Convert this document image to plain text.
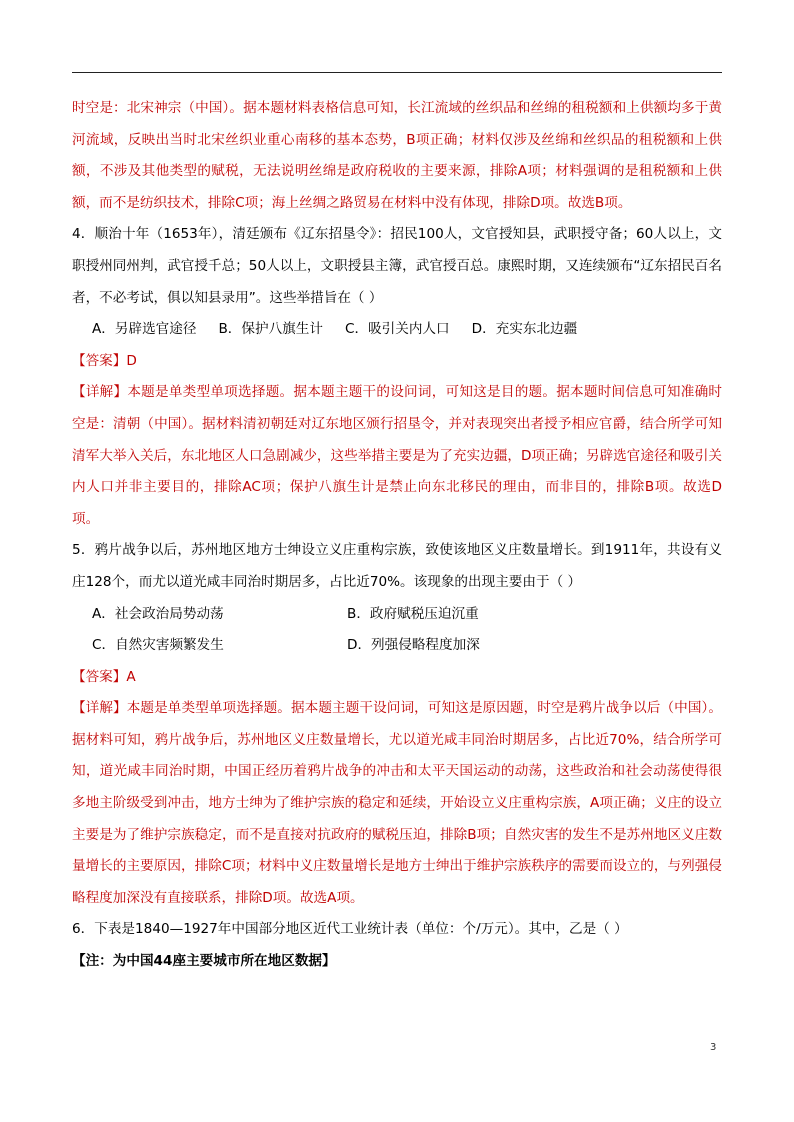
时空是：北宋神宗（中国）。据本题材料表格信息可知，长江流域的丝织品和丝绵的租税额和上供额均多于黄河流域，反映出当时北宋丝织业重心南移的基本态势，B项正确；材料仅涉及丝绵和丝织品的租税额和上供额，不涉及其他类型的赋税，无法说明丝绵是政府税收的主要来源，排除A项；材料强调的是租税额和上供额，而不是纺织技术，排除C项；海上丝绸之路贸易在材料中没有体现，排除D项。故选B项。

4．顺治十年（1653年），清廷颁布《辽东招垦令》：招民100人，文官授知县，武职授守备；60人以上，文职授州同州判，武官授千总；50人以上，文职授县主簿，武官授百总。康熙时期，又连续颁布“辽东招民百名者，不必考试，俱以知县录用”。这些举措旨在（ ）

A．另辟选官途径 B．保护八旗生计 C．吸引关内人口 D．充实东北边疆

【答案】D

【详解】本题是单类型单项选择题。据本题主题干的设问词，可知这是目的题。据本题时间信息可知准确时空是：清朝（中国）。据材料清初朝廷对辽东地区颁行招垦令，并对表现突出者授予相应官爵，结合所学可知清军大举入关后，东北地区人口急剧减少，这些举措主要是为了充实边疆，D项正确；另辟选官途径和吸引关内人口并非主要目的，排除AC项；保护八旗生计是禁止向东北移民的理由，而非目的，排除B项。故选D项。

5．鸦片战争以后，苏州地区地方士绅设立义庄重构宗族，致使该地区义庄数量增长。到1911年，共设有义庄128个，而尤以道光咸丰同治时期居多，占比近70%。该现象的出现主要由于（ ）

A．社会政治局势动荡	B．政府赋税压迫沉重
C．自然灾害频繁发生	D．列强侵略程度加深

【答案】A

【详解】本题是单类型单项选择题。据本题主题干设问词，可知这是原因题，时空是鸦片战争以后（中国）。据材料可知，鸦片战争后，苏州地区义庄数量增长，尤以道光咸丰同治时期居多，占比近70%，结合所学可知，道光咸丰同治时期，中国正经历着鸦片战争的冲击和太平天国运动的动荡，这些政治和社会动荡使得很多地主阶级受到冲击，地方士绅为了维护宗族的稳定和延续，开始设立义庄重构宗族，A项正确；义庄的设立主要是为了维护宗族稳定，而不是直接对抗政府的赋税压迫，排除B项；自然灾害的发生不是苏州地区义庄数量增长的主要原因，排除C项；材料中义庄数量增长是地方士绅出于维护宗族秩序的需要而设立的，与列强侵略程度加深没有直接联系，排除D项。故选A项。

6．下表是1840—1927年中国部分地区近代工业统计表（单位：个/万元）。其中，乙是（ ）

【注：为中国44座主要城市所在地区数据】

3
